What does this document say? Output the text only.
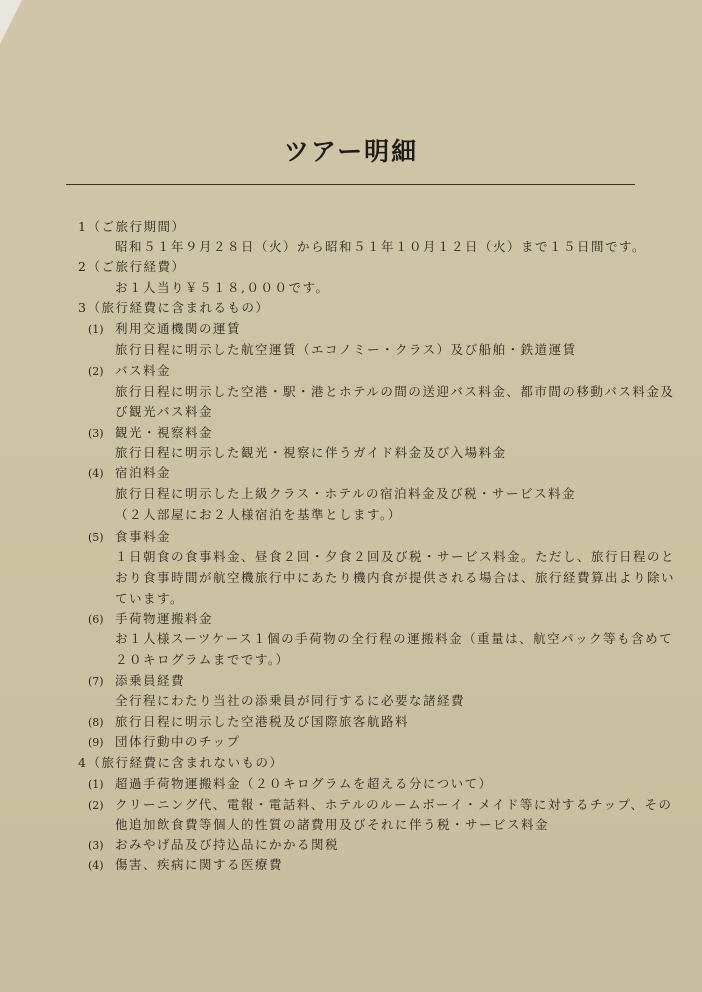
ツアー明細
1（ご旅行期間）
昭和５１年９月２８日（火）から昭和５１年１０月１２日（火）まで１５日間です。
2（ご旅行経費）
お１人当り￥５１８,０００です。
3（旅行経費に含まれるもの）
(1) 利用交通機関の運賃
旅行日程に明示した航空運賃（エコノミー・クラス）及び船舶・鉄道運賃
(2) バス料金
旅行日程に明示した空港・駅・港とホテルの間の送迎バス料金、都市間の移動バス料金及
び観光バス料金
(3) 観光・視察料金
旅行日程に明示した観光・視察に伴うガイド料金及び入場料金
(4) 宿泊料金
旅行日程に明示した上級クラス・ホテルの宿泊料金及び税・サービス料金
（２人部屋にお２人様宿泊を基準とします。）
(5) 食事料金
１日朝食の食事料金、昼食２回・夕食２回及び税・サービス料金。ただし、旅行日程のと
おり食事時間が航空機旅行中にあたり機内食が提供される場合は、旅行経費算出より除い
ています。
(6) 手荷物運搬料金
お１人様スーツケース１個の手荷物の全行程の運搬料金（重量は、航空パック等も含めて
２０キログラムまでです。）
(7) 添乗員経費
全行程にわたり当社の添乗員が同行するに必要な諸経費
(8) 旅行日程に明示した空港税及び国際旅客航路料
(9) 団体行動中のチップ
4（旅行経費に含まれないもの）
(1) 超過手荷物運搬料金（２０キログラムを超える分について）
(2) クリーニング代、電報・電話料、ホテルのルームボーイ・メイド等に対するチップ、その
他追加飲食費等個人的性質の諸費用及びそれに伴う税・サービス料金
(3) おみやげ品及び持込品にかかる関税
(4) 傷害、疾病に関する医療費
